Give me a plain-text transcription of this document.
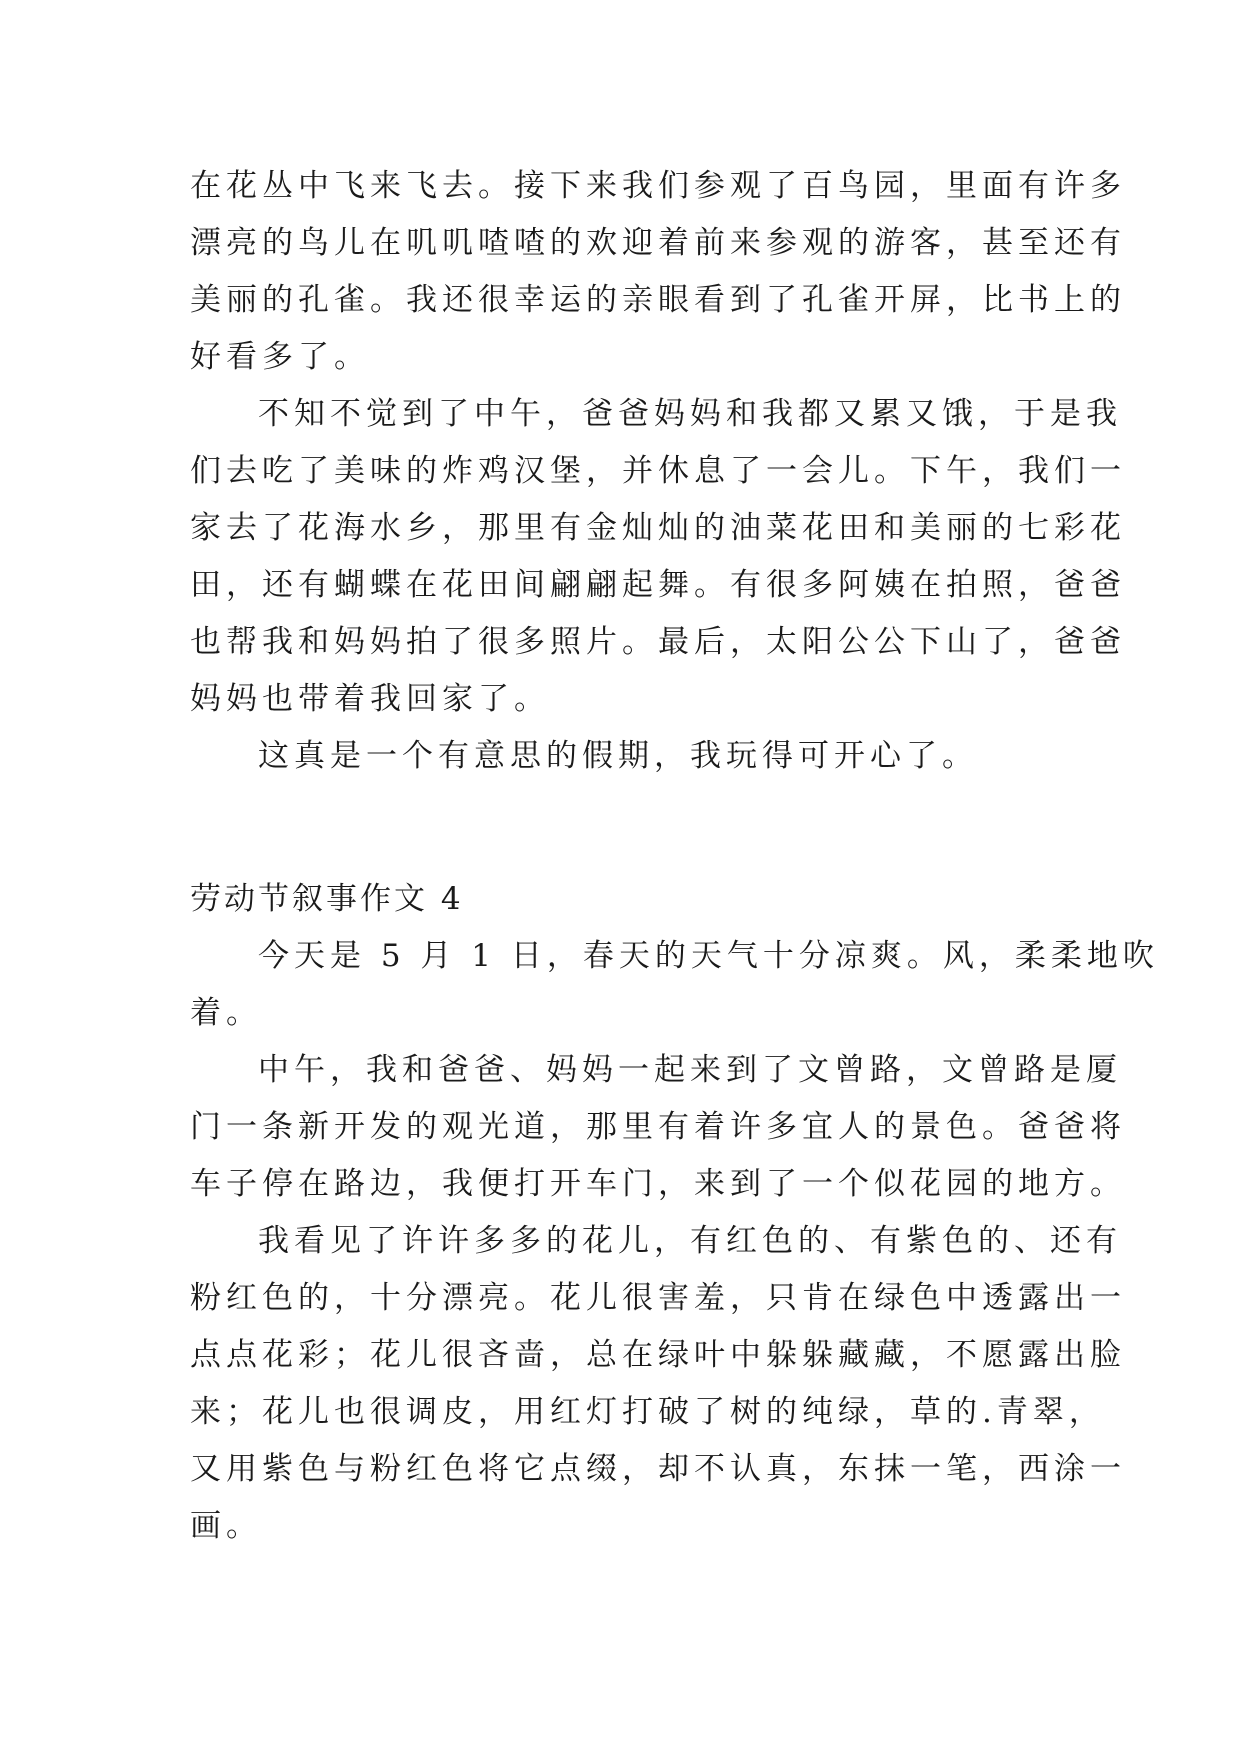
在花丛中飞来飞去。接下来我们参观了百鸟园，里面有许多
漂亮的鸟儿在叽叽喳喳的欢迎着前来参观的游客，甚至还有
美丽的孔雀。我还很幸运的亲眼看到了孔雀开屏，比书上的
好看多了。
不知不觉到了中午，爸爸妈妈和我都又累又饿，于是我
们去吃了美味的炸鸡汉堡，并休息了一会儿。下午，我们一
家去了花海水乡，那里有金灿灿的油菜花田和美丽的七彩花
田，还有蝴蝶在花田间翩翩起舞。有很多阿姨在拍照，爸爸
也帮我和妈妈拍了很多照片。最后，太阳公公下山了，爸爸
妈妈也带着我回家了。
这真是一个有意思的假期，我玩得可开心了。
劳动节叙事作文 4
今天是 5 月 1 日，春天的天气十分凉爽。风，柔柔地吹
着。
中午，我和爸爸、妈妈一起来到了文曾路，文曾路是厦
门一条新开发的观光道，那里有着许多宜人的景色。爸爸将
车子停在路边，我便打开车门，来到了一个似花园的地方。
我看见了许许多多的花儿，有红色的、有紫色的、还有
粉红色的，十分漂亮。花儿很害羞，只肯在绿色中透露出一
点点花彩；花儿很吝啬，总在绿叶中躲躲藏藏，不愿露出脸
来；花儿也很调皮，用红灯打破了树的纯绿，草的.青翠，
又用紫色与粉红色将它点缀，却不认真，东抹一笔，西涂一
画。
